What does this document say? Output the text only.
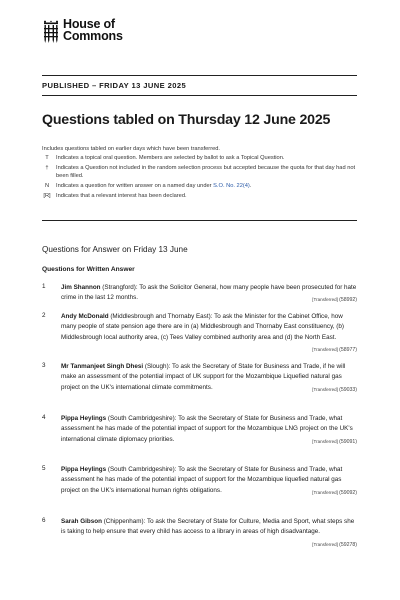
House of
Commons
PUBLISHED – FRIDAY 13 JUNE 2025
Questions tabled on Thursday 12 June 2025
Includes questions tabled on earlier days which have been transferred.
T	Indicates a topical oral question. Members are selected by ballot to ask a Topical Question.
†	Indicates a Question not included in the random selection process but accepted because the quota for that day had not been filled.
N	Indicates a question for written answer on a named day under S.O. No. 22(4).
[R] Indicates that a relevant interest has been declared.
Questions for Answer on Friday 13 June
Questions for Written Answer
1 Jim Shannon (Strangford): To ask the Solicitor General, how many people have been prosecuted for hate crime in the last 12 months.	[Transferred] (58992)
2 Andy McDonald (Middlesbrough and Thornaby East): To ask the Minister for the Cabinet Office, how many people of state pension age there are in (a) Middlesbrough and Thornaby East constituency, (b) Middlesbrough local authority area, (c) Tees Valley combined authority area and (d) the North East.
[Transferred] (58977)
3 Mr Tanmanjeet Singh Dhesi (Slough): To ask the Secretary of State for Business and Trade, if he will make an assessment of the potential impact of UK support for the Mozambique Liquefied natural gas project on the UK's international climate commitments.	[Transferred] (59033)
4 Pippa Heylings (South Cambridgeshire): To ask the Secretary of State for Business and Trade, what assessment he has made of the potential impact of support for the Mozambique LNG project on the UK's international climate diplomacy priorities.	[Transferred] (59091)
5 Pippa Heylings (South Cambridgeshire): To ask the Secretary of State for Business and Trade, what assessment he has made of the potential impact of support for the Mozambique liquefied natural gas project on the UK's international human rights obligations.	[Transferred] (59092)
6 Sarah Gibson (Chippenham): To ask the Secretary of State for Culture, Media and Sport, what steps she is taking to help ensure that every child has access to a library in areas of high disadvantage.
[Transferred] (59278)
